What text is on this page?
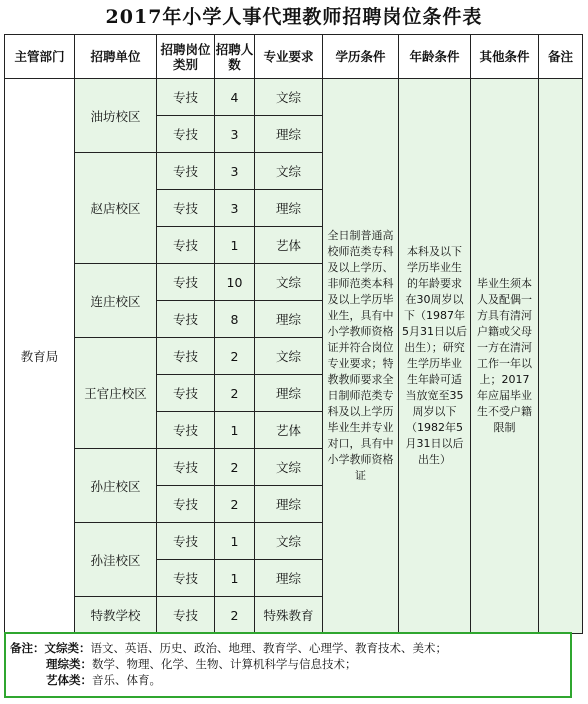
2017年小学人事代理教师招聘岗位条件表
主管部门	招聘单位	招聘岗位类别	招聘人数	专业要求	学历条件	年龄条件	其他条件	备注
教育局	油坊校区	专技	4	文综	全日制普通高校师范类专科及以上学历、非师范类本科及以上学历毕业生，具有中小学教师资格证并符合岗位专业要求；特教教师要求全日制师范类专科及以上学历毕业生并专业对口，具有中小学教师资格证	本科及以下学历毕业生的年龄要求在30周岁以下（1987年5月31日以后出生）；研究生学历毕业生年龄可适当放宽至35周岁以下（1982年5月31日以后出生）	毕业生须本人及配偶一方具有清河户籍或父母一方在清河工作一年以上；2017年应届毕业生不受户籍限制	
		专技	3	理综				
	赵店校区	专技	3	文综				
		专技	3	理综				
		专技	1	艺体				
	连庄校区	专技	10	文综				
		专技	8	理综				
	王官庄校区	专技	2	文综				
		专技	2	理综				
		专技	1	艺体				
	孙庄校区	专技	2	文综				
		专技	2	理综				
	孙洼校区	专技	1	文综				
		专技	1	理综				
	特教学校	专技	2	特殊教育				
备注：文综类：语文、英语、历史、政治、地理、教育学、心理学、教育技术、美术；
理综类：数学、物理、化学、生物、计算机科学与信息技术；
艺体类：音乐、体育。
